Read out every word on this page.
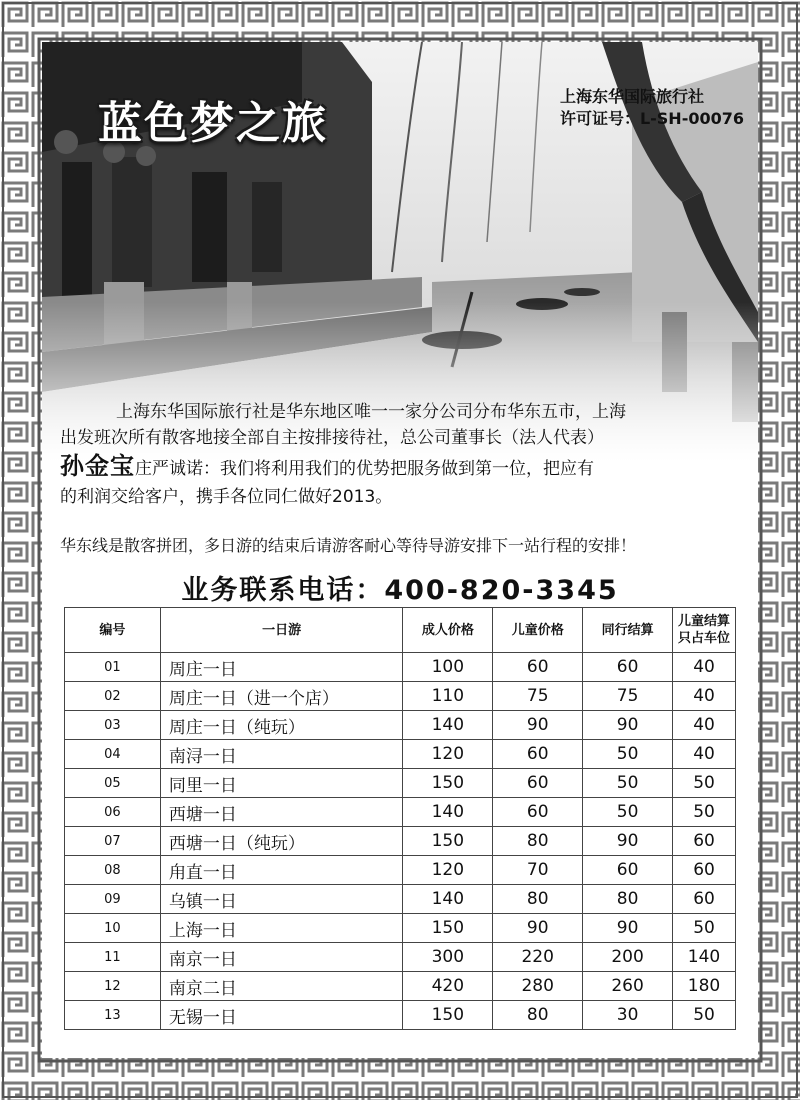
蓝色梦之旅
上海东华国际旅行社
许可证号：L-SH-00076

上海东华国际旅行社是华东地区唯一一家分公司分布华东五市，上海

出发班次所有散客地接全部自主按排接待社，总公司董事长（法人代表）

孙金宝庄严诚诺：我们将利用我们的优势把服务做到第一位，把应有

的利润交给客户，携手各位同仁做好2013。

华东线是散客拼团，多日游的结束后请游客耐心等待导游安排下一站行程的安排！
业务联系电话：400-820-3345
编号	一日游	成人价格	儿童价格	同行结算	儿童结算
只占车位
01	周庄一日	100	60	60	40
02	周庄一日（进一个店）	110	75	75	40
03	周庄一日（纯玩）	140	90	90	40
04	南浔一日	120	60	50	40
05	同里一日	150	60	50	50
06	西塘一日	140	60	50	50
07	西塘一日（纯玩）	150	80	90	60
08	甪直一日	120	70	60	60
09	乌镇一日	140	80	80	60
10	上海一日	150	90	90	50
11	南京一日	300	220	200	140
12	南京二日	420	280	260	180
13	无锡一日	150	80	30	50
